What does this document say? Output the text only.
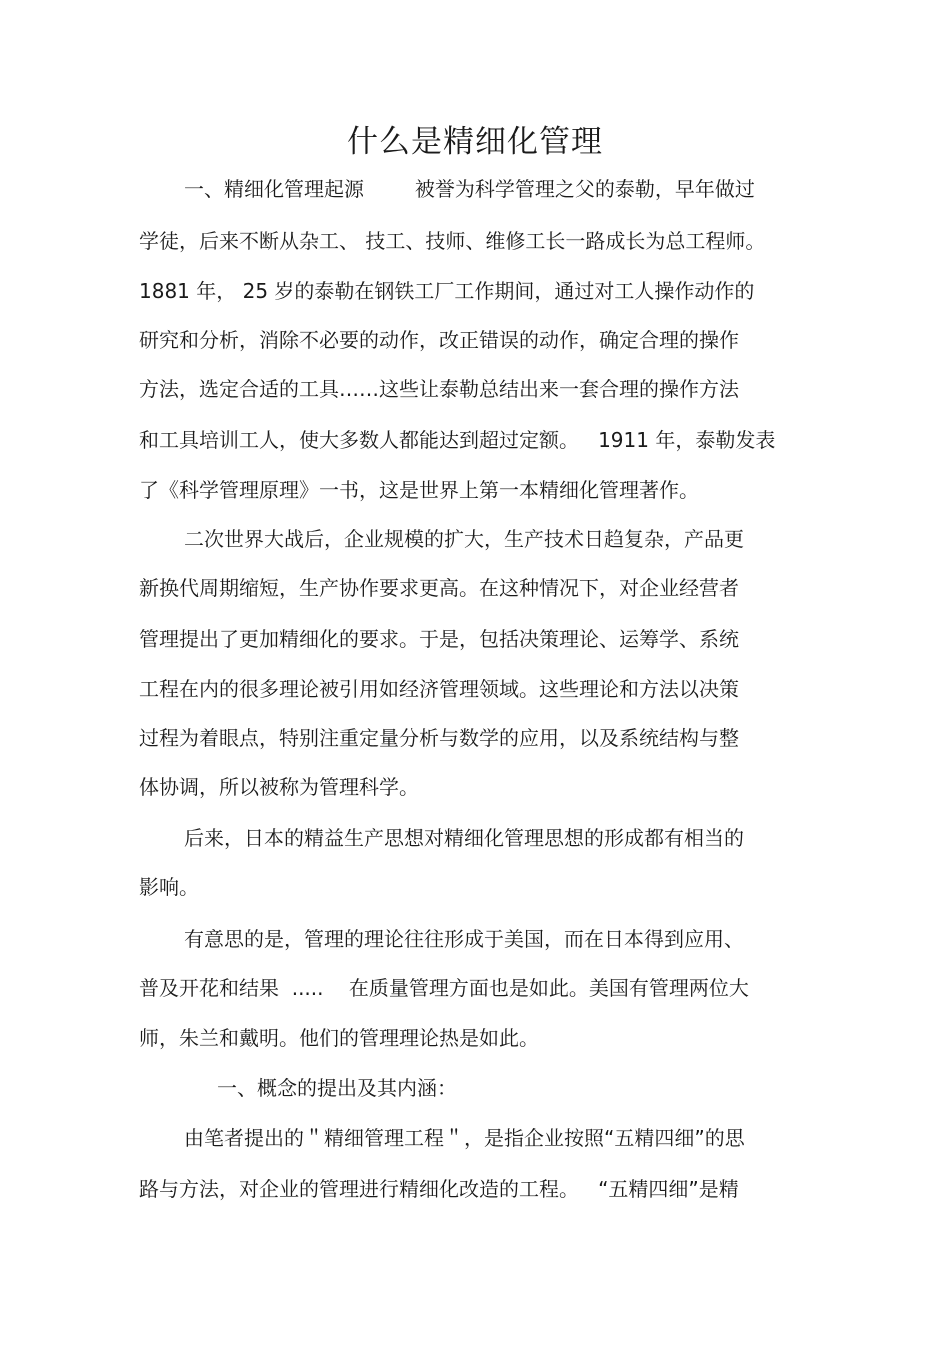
什么是精细化管理

一、精细化管理起源        被誉为科学管理之父的泰勒，早年做过

学徒，后来不断从杂工、 技工、技师、维修工长一路成长为总工程师。

1881 年， 25 岁的泰勒在钢铁工厂工作期间，通过对工人操作动作的

研究和分析，消除不必要的动作，改正错误的动作，确定合理的操作

方法，选定合适的工具……这些让泰勒总结出来一套合理的操作方法

和工具培训工人，使大多数人都能达到超过定额。   1911 年，泰勒发表

了《科学管理原理》一书，这是世界上第一本精细化管理著作。

二次世界大战后，企业规模的扩大，生产技术日趋复杂，产品更

新换代周期缩短，生产协作要求更高。在这种情况下，对企业经营者

管理提出了更加精细化的要求。于是，包括决策理论、运筹学、系统

工程在内的很多理论被引用如经济管理领域。这些理论和方法以决策

过程为着眼点，特别注重定量分析与数学的应用，以及系统结构与整

体协调，所以被称为管理科学。

后来，日本的精益生产思想对精细化管理思想的形成都有相当的

影响。

有意思的是，管理的理论往往形成于美国，而在日本得到应用、

普及开花和结果  .....    在质量管理方面也是如此。美国有管理两位大

师，朱兰和戴明。他们的管理理论热是如此。

一、概念的提出及其内涵：

由笔者提出的＂精细管理工程＂，是指企业按照“五精四细”的思

路与方法，对企业的管理进行精细化改造的工程。   “五精四细”是精
